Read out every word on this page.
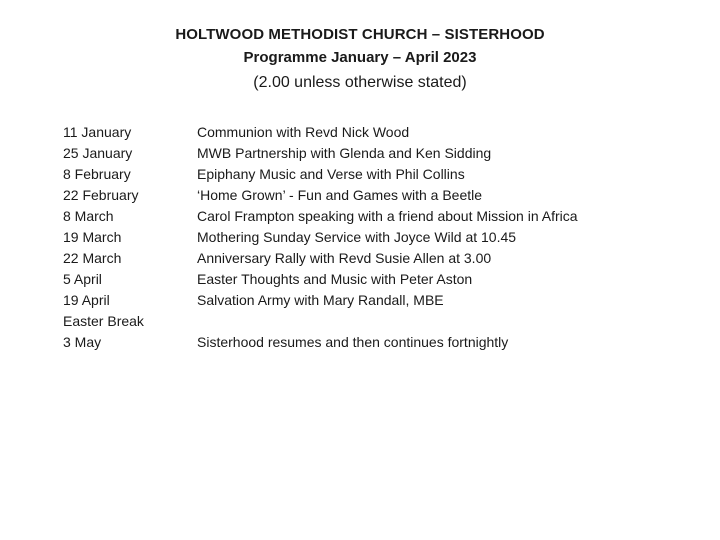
HOLTWOOD METHODIST CHURCH – SISTERHOOD
Programme January – April 2023
(2.00 unless otherwise stated)
11 January	Communion with Revd Nick Wood
25 January	MWB Partnership with Glenda and Ken Sidding
8 February	Epiphany Music and Verse with Phil Collins
22 February	‘Home Grown’ - Fun and Games with a Beetle
8 March	Carol Frampton speaking with a friend about Mission in Africa
19 March	Mothering Sunday Service with Joyce Wild at 10.45
22 March	Anniversary Rally with Revd Susie Allen at 3.00
5 April	Easter Thoughts and Music with Peter Aston
19 April	Salvation Army with Mary Randall, MBE
Easter Break
3 May	Sisterhood resumes and then continues fortnightly
